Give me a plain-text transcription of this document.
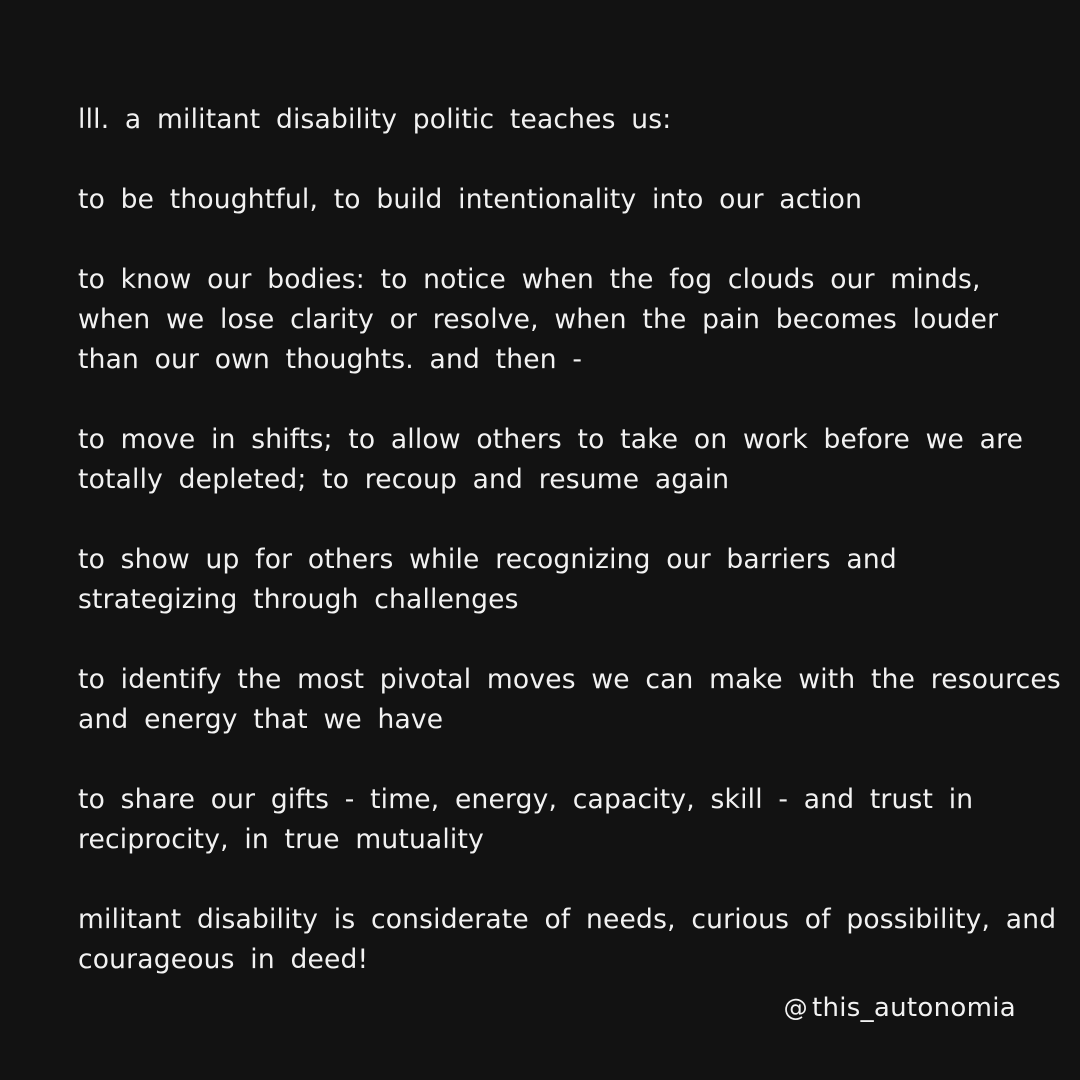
lll. a militant disability politic teaches us:

to be thoughtful, to build intentionality into our action

to know our bodies: to notice when the fog clouds our minds,
when we lose clarity or resolve, when the pain becomes louder
than our own thoughts. and then -

to move in shifts; to allow others to take on work before we are
totally depleted; to recoup and resume again

to show up for others while recognizing our barriers and
strategizing through challenges

to identify the most pivotal moves we can make with the resources
and energy that we have

to share our gifts - time, energy, capacity, skill - and trust in
reciprocity, in true mutuality

militant disability is considerate of needs, curious of possibility, and
courageous in deed!

@ this_autonomia
